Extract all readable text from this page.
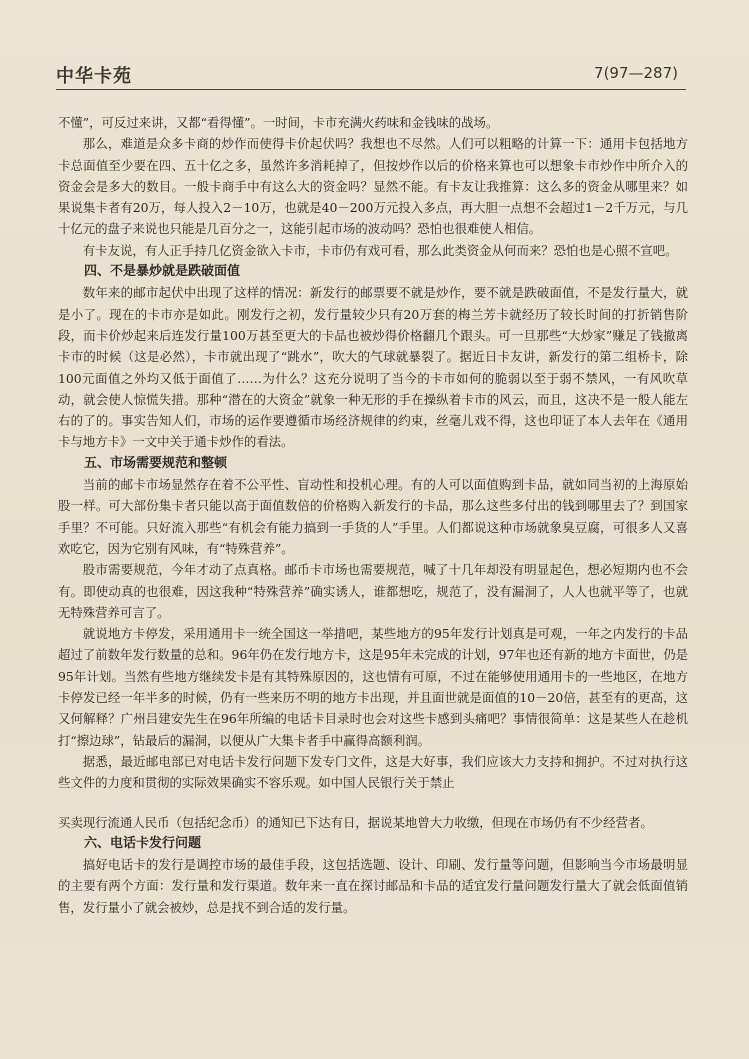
中华卡苑	7(97—287)

不懂”，可反过来讲，又都“看得懂”。一时间，卡市充满火药味和金钱味的战场。

那么，难道是众多卡商的炒作而使得卡价起伏吗？我想也不尽然。人们可以粗略的计算一下：通用卡包括地方卡总面值至少要在四、五十亿之多，虽然许多消耗掉了，但按炒作以后的价格来算也可以想象卡市炒作中所介入的资金会是多大的数目。一般卡商手中有这么大的资金吗？显然不能。有卡友让我推算：这么多的资金从哪里来？如果说集卡者有20万，每人投入2－10万，也就是40－200万元投入多点，再大胆一点想不会超过1－2千万元，与几十亿元的盘子来说也只能是几百分之一，这能引起市场的波动吗？恐怕也很难使人相信。

有卡友说，有人正手持几亿资金欲入卡市，卡市仍有戏可看，那么此类资金从何而来？恐怕也是心照不宣吧。

四、不是暴炒就是跌破面值

数年来的邮市起伏中出现了这样的情况：新发行的邮票要不就是炒作，要不就是跌破面值，不是发行量大，就是小了。现在的卡市亦是如此。刚发行之初，发行量较少只有20万套的梅兰芳卡就经历了较长时间的打折销售阶段，而卡价炒起来后连发行量100万甚至更大的卡品也被炒得价格翻几个跟头。可一旦那些“大炒家”赚足了钱撤离卡市的时候（这是必然），卡市就出现了“跳水”，吹大的气球就暴裂了。据近日卡友讲，新发行的第二组桥卡，除100元面值之外均又低于面值了……为什么？这充分说明了当今的卡市如何的脆弱以至于弱不禁风，一有风吹草动，就会使人惊慌失措。那种“潜在的大资金”就象一种无形的手在操纵着卡市的风云，而且，这决不是一般人能左右的了的。事实告知人们，市场的运作要遵循市场经济规律的约束，丝毫儿戏不得，这也印证了本人去年在《通用卡与地方卡》一文中关于通卡炒作的看法。

五、市场需要规范和整顿

当前的邮卡市场显然存在着不公平性、盲动性和投机心理。有的人可以面值购到卡品，就如同当初的上海原始股一样。可大部份集卡者只能以高于面值数倍的价格购入新发行的卡品，那么这些多付出的钱到哪里去了？到国家手里？不可能。只好流入那些“有机会有能力搞到一手货的人”手里。人们都说这种市场就象臭豆腐，可很多人又喜欢吃它，因为它别有风味，有“特殊营养”。

股市需要规范，今年才动了点真格。邮币卡市场也需要规范，喊了十几年却没有明显起色，想必短期内也不会有。即使动真的也很难，因这我种“特殊营养”确实诱人，谁都想吃，规范了，没有漏洞了，人人也就平等了，也就无特殊营养可言了。

就说地方卡停发，采用通用卡一统全国这一举措吧，某些地方的95年发行计划真是可观，一年之内发行的卡品超过了前数年发行数量的总和。96年仍在发行地方卡，这是95年未完成的计划，97年也还有新的地方卡面世，仍是95年计划。当然有些地方继续发卡是有其特殊原因的，这也情有可原，不过在能够使用通用卡的一些地区，在地方卡停发已经一年半多的时候，仍有一些来历不明的地方卡出现，并且面世就是面值的10－20倍，甚至有的更高，这又何解释？广州吕建安先生在96年所编的电话卡目录时也会对这些卡感到头痛吧？事情很简单：这是某些人在趁机打“擦边球”，钻最后的漏洞，以便从广大集卡者手中赢得高额利润。

据悉，最近邮电部已对电话卡发行问题下发专门文件，这是大好事，我们应该大力支持和拥护。不过对执行这些文件的力度和贯彻的实际效果确实不容乐观。如中国人民银行关于禁止

买卖现行流通人民币（包括纪念币）的通知已下达有日，据说某地曾大力收缴，但现在市场仍有不少经营者。

六、电话卡发行问题

搞好电话卡的发行是调控市场的最佳手段，这包括选题、设计、印刷、发行量等问题，但影响当今市场最明显的主要有两个方面：发行量和发行渠道。数年来一直在探讨邮品和卡品的适宜发行量问题发行量大了就会低面值销售，发行量小了就会被炒，总是找不到合适的发行量。
